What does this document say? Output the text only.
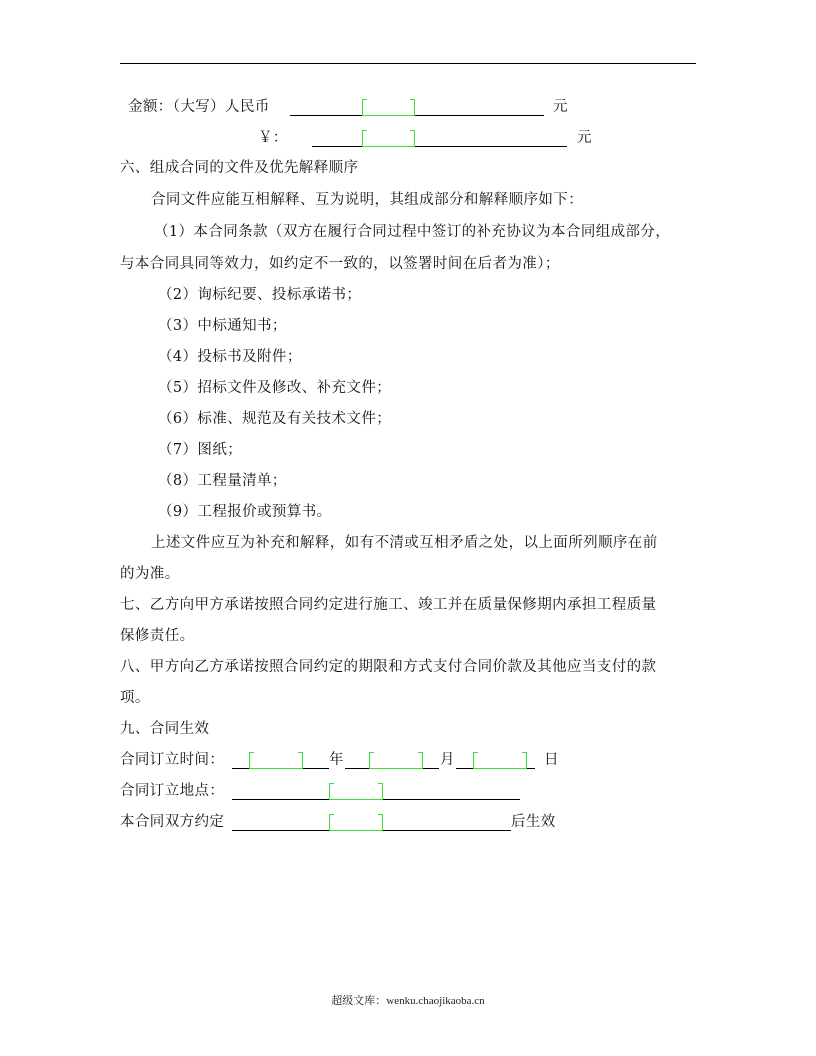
金额：（大写）人民币	元
￥：	元
六、组成合同的文件及优先解释顺序
合同文件应能互相解释、互为说明，其组成部分和解释顺序如下：
（1）本合同条款（双方在履行合同过程中签订的补充协议为本合同组成部分，
与本合同具同等效力，如约定不一致的，以签署时间在后者为准）；
（2）询标纪要、投标承诺书；
（3）中标通知书；
（4）投标书及附件；
（5）招标文件及修改、补充文件；
（6）标准、规范及有关技术文件；
（7）图纸；
（8）工程量清单；
（9）工程报价或预算书。
上述文件应互为补充和解释，如有不清或互相矛盾之处，以上面所列顺序在前
的为准。
七、乙方向甲方承诺按照合同约定进行施工、竣工并在质量保修期内承担工程质量
保修责任。
八、甲方向乙方承诺按照合同约定的期限和方式支付合同价款及其他应当支付的款
项。
九、合同生效
合同订立时间：	年	月	日
合同订立地点：
本合同双方约定	后生效
超级文库：wenku.chaojikaoba.cn
